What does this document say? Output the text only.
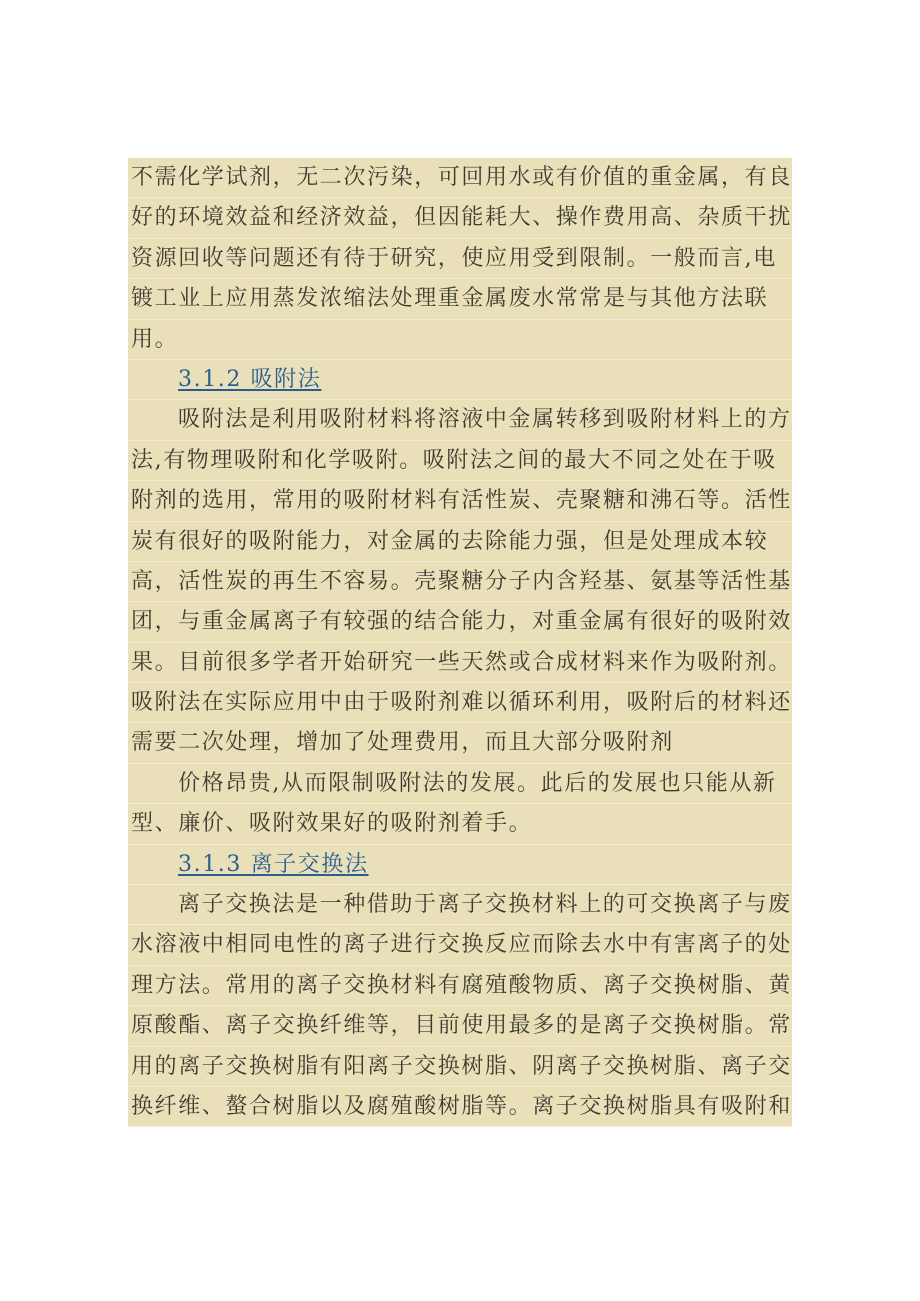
不需化学试剂，无二次污染，可回用水或有价值的重金属，有良
好的环境效益和经济效益，但因能耗大、操作费用高、杂质干扰
资源回收等问题还有待于研究，使应用受到限制。一般而言,电
镀工业上应用蒸发浓缩法处理重金属废水常常是与其他方法联
用。
3.1.2 吸附法
吸附法是利用吸附材料将溶液中金属转移到吸附材料上的方
法,有物理吸附和化学吸附。吸附法之间的最大不同之处在于吸
附剂的选用，常用的吸附材料有活性炭、壳聚糖和沸石等。活性
炭有很好的吸附能力，对金属的去除能力强，但是处理成本较
高，活性炭的再生不容易。壳聚糖分子内含羟基、氨基等活性基
团，与重金属离子有较强的结合能力，对重金属有很好的吸附效
果。目前很多学者开始研究一些天然或合成材料来作为吸附剂。
吸附法在实际应用中由于吸附剂难以循环利用，吸附后的材料还
需要二次处理，增加了处理费用，而且大部分吸附剂
价格昂贵,从而限制吸附法的发展。此后的发展也只能从新
型、廉价、吸附效果好的吸附剂着手。
3.1.3 离子交换法
离子交换法是一种借助于离子交换材料上的可交换离子与废
水溶液中相同电性的离子进行交换反应而除去水中有害离子的处
理方法。常用的离子交换材料有腐殖酸物质、离子交换树脂、黄
原酸酯、离子交换纤维等，目前使用最多的是离子交换树脂。常
用的离子交换树脂有阳离子交换树脂、阴离子交换树脂、离子交
换纤维、螯合树脂以及腐殖酸树脂等。离子交换树脂具有吸附和
